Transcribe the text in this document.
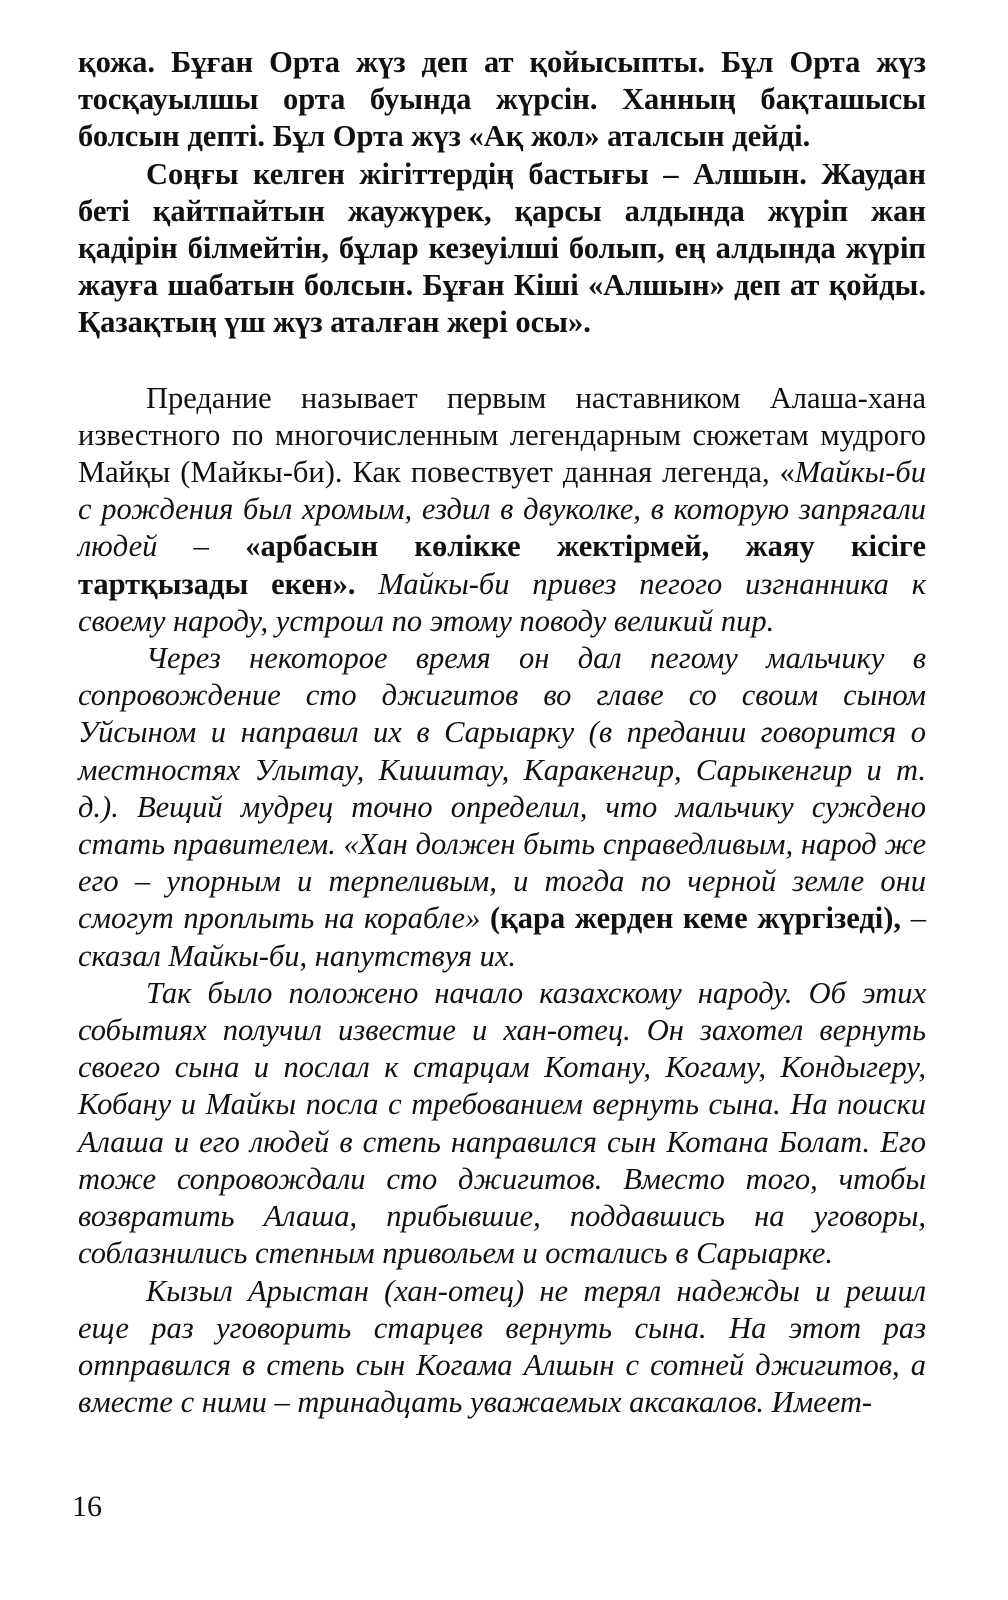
қожа. Бұған Орта жүз деп ат қойысыпты. Бұл Орта жүз тосқауылшы орта буында жүрсін. Ханның бақташысы болсын депті. Бұл Орта жүз «Ақ жол» аталсын дейді.

Соңғы келген жігіттердің бастығы – Алшын. Жаудан беті қайтпайтын жаужүрек, қарсы алдында жүріп жан қадірін білмейтін, бұлар кезеуілші болып, ең алдында жүріп жауға шабатын болсын. Бұған Кіші «Алшын» деп ат қойды. Қазақтың үш жүз аталған жері осы».

Предание называет первым наставником Алаша-хана известного по многочисленным легендарным сюжетам мудрого Майқы (Майкы-би). Как повествует данная легенда, «Майкы-би с рождения был хромым, ездил в двуколке, в которую запрягали людей – «арбасын көлікке жектірмей, жаяу кісіге тартқызады екен». Майкы-би привез пегого изгнанника к своему народу, устроил по этому поводу великий пир.

Через некоторое время он дал пегому мальчику в сопровождение сто джигитов во главе со своим сыном Уйсыном и направил их в Сарыарку (в предании говорится о местностях Улытау, Кишитау, Каракенгир, Сарыкенгир и т. д.). Вещий мудрец точно определил, что мальчику суждено стать правителем. «Хан должен быть справедливым, народ же его – упорным и терпеливым, и тогда по черной земле они смогут проплыть на корабле» (қара жерден кеме жүргізеді), – сказал Майкы-би, напутствуя их.

Так было положено начало казахскому народу. Об этих событиях получил известие и хан-отец. Он захотел вернуть своего сына и послал к старцам Котану, Когаму, Кондыгеру, Кобану и Майкы посла с требованием вернуть сына. На поиски Алаша и его людей в степь направился сын Котана Болат. Его тоже сопровождали сто джигитов. Вместо того, чтобы возвратить Алаша, прибывшие, поддавшись на уговоры, соблазнились степным привольем и остались в Сарыарке.

Кызыл Арыстан (хан-отец) не терял надежды и решил еще раз уговорить старцев вернуть сына. На этот раз отправился в степь сын Когама Алшын с сотней джигитов, а вместе с ними – тринадцать уважаемых аксакалов. Имеет-

16
